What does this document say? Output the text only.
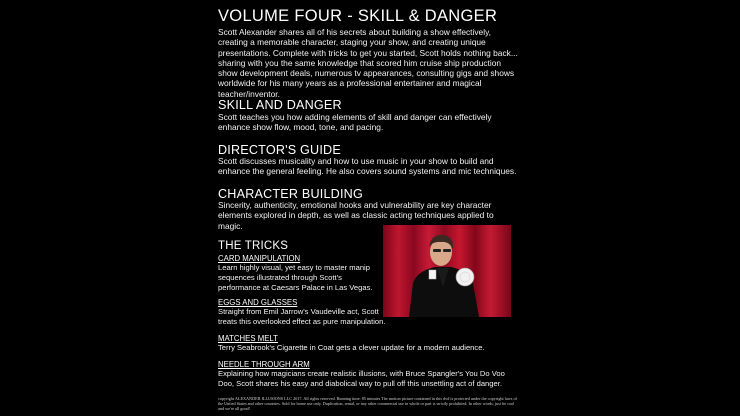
VOLUME FOUR - SKILL & DANGER
Scott Alexander shares all of his secrets about building a show effectively, creating a memorable character, staging your show, and creating unique presentations. Complete with tricks to get you started, Scott holds nothing back... sharing with you the same knowledge that scored him cruise ship production show development deals, numerous tv appearances, consulting gigs and shows worldwide for his many years as a professional entertainer and magical teacher/inventor.
SKILL AND DANGER
Scott teaches you how adding elements of skill and danger can effectively enhance show flow, mood, tone, and pacing.
DIRECTOR'S GUIDE
Scott discusses musicality and how to use music in your show to build and enhance the general feeling. He also covers sound systems and mic techniques.
CHARACTER BUILDING
Sincerity, authenticity, emotional hooks and vulnerability are key character elements explored in depth, as well as classic acting techniques applied to magic.
THE TRICKS
CARD MANIPULATION
Learn highly visual, yet easy to master manip sequences illustrated through Scott's performance at Caesars Palace in Las Vegas.
EGGS AND GLASSES
Straight from Emil Jarrow's Vaudeville act, Scott treats this overlooked effect as pure manipulation.
MATCHES MELT
Terry Seabrook's Cigarette in Coat gets a clever update for a modern audience.
NEEDLE THROUGH ARM
Explaining how magicians create realistic illusions, with Bruce Spangler's You Do Voo Doo, Scott shares his easy and diabolical way to pull off this unsettling act of danger.
copyright ALEXANDER ILLUSIONS LLC 2017. All rights reserved. Running time: 85 minutes The motion picture contained in this dvd is protected under the copyright laws of the United States and other countries. Sold for home use only. Duplication, rental, or any other commercial use in whole or part is strictly prohibited. In other words, just be cool and we're all good!
